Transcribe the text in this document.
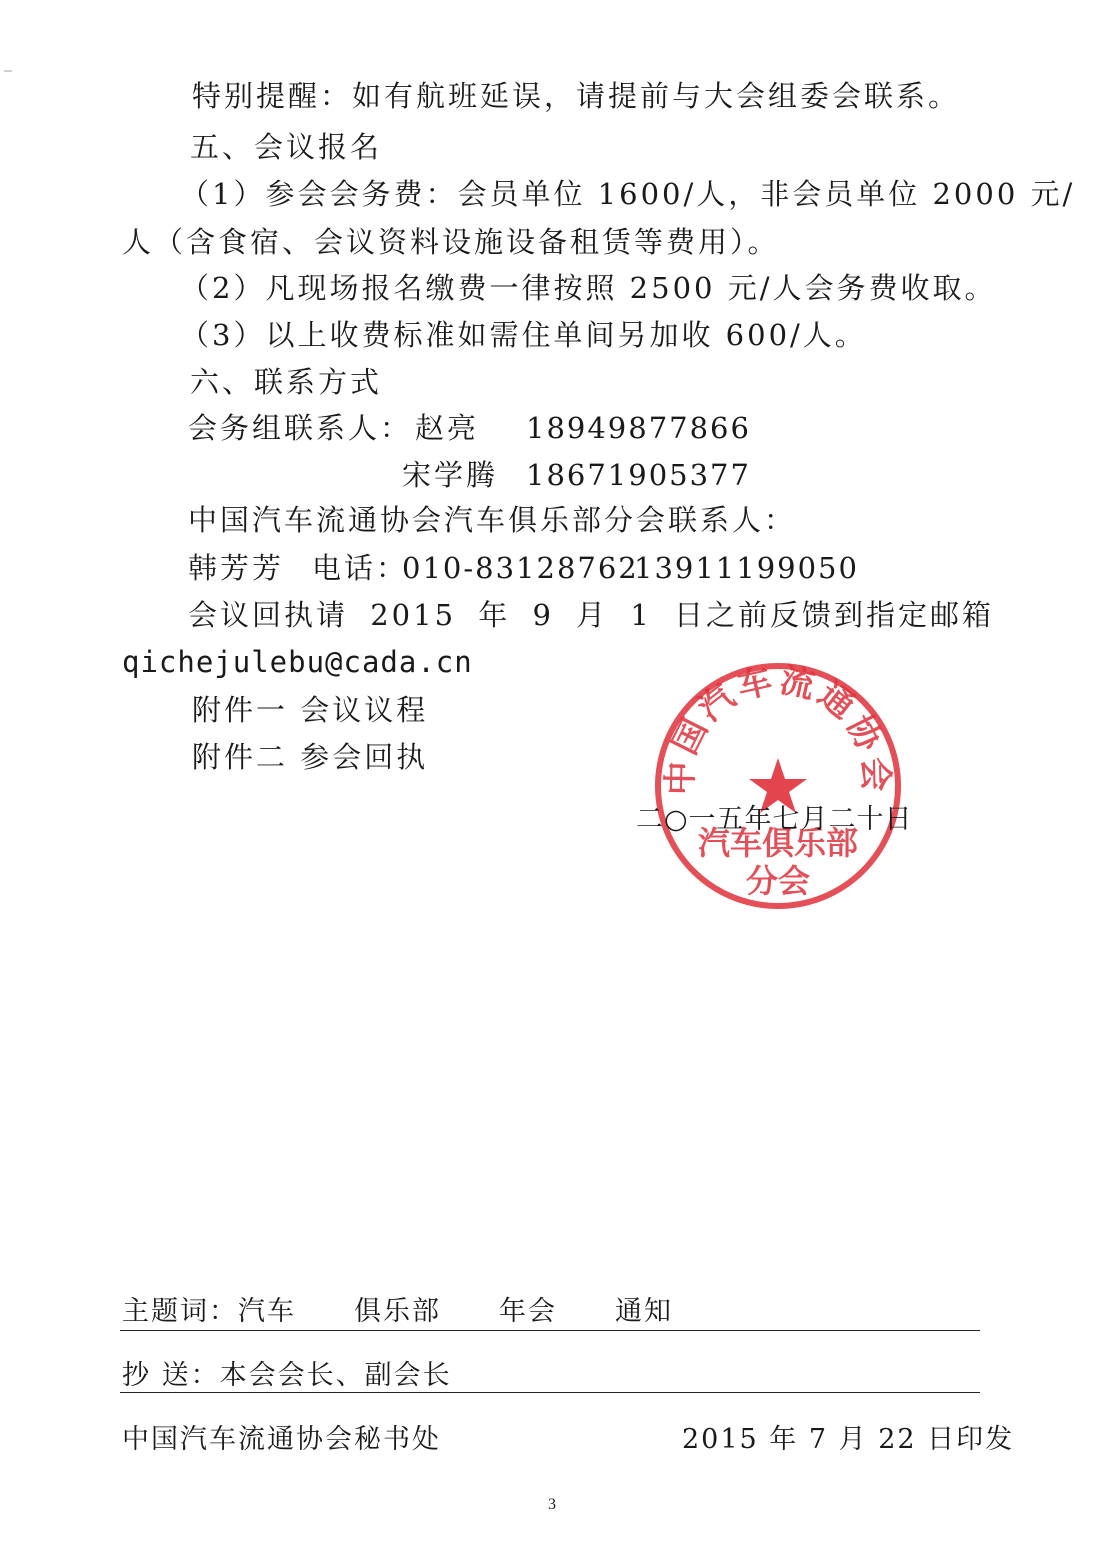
特别提醒：如有航班延误，请提前与大会组委会联系。
五、会议报名
（1）参会会务费：会员单位 1600/人，非会员单位 2000 元/
人（含食宿、会议资料设施设备租赁等费用）。
（2）凡现场报名缴费一律按照 2500 元/人会务费收取。
（3）以上收费标准如需住单间另加收 600/人。
六、联系方式
会务组联系人： 赵亮 18949877866
宋学腾 18671905377
中国汽车流通协会汽车俱乐部分会联系人：
韩芳芳 电话：
010-83128762
13911199050
会议回执请 2015 年 9 月 1 日之前反馈到指定邮箱
qichejulebu@cada.cn
附件一 会议议程
附件二 参会回执	中国汽车流通协会
汽车俱乐部
分会
二○一五年七月二十日
主题词：汽车 俱乐部 年会 通知
抄 送：本会会长、副会长
中国汽车流通协会秘书处	2015 年 7 月 22 日印发
3
